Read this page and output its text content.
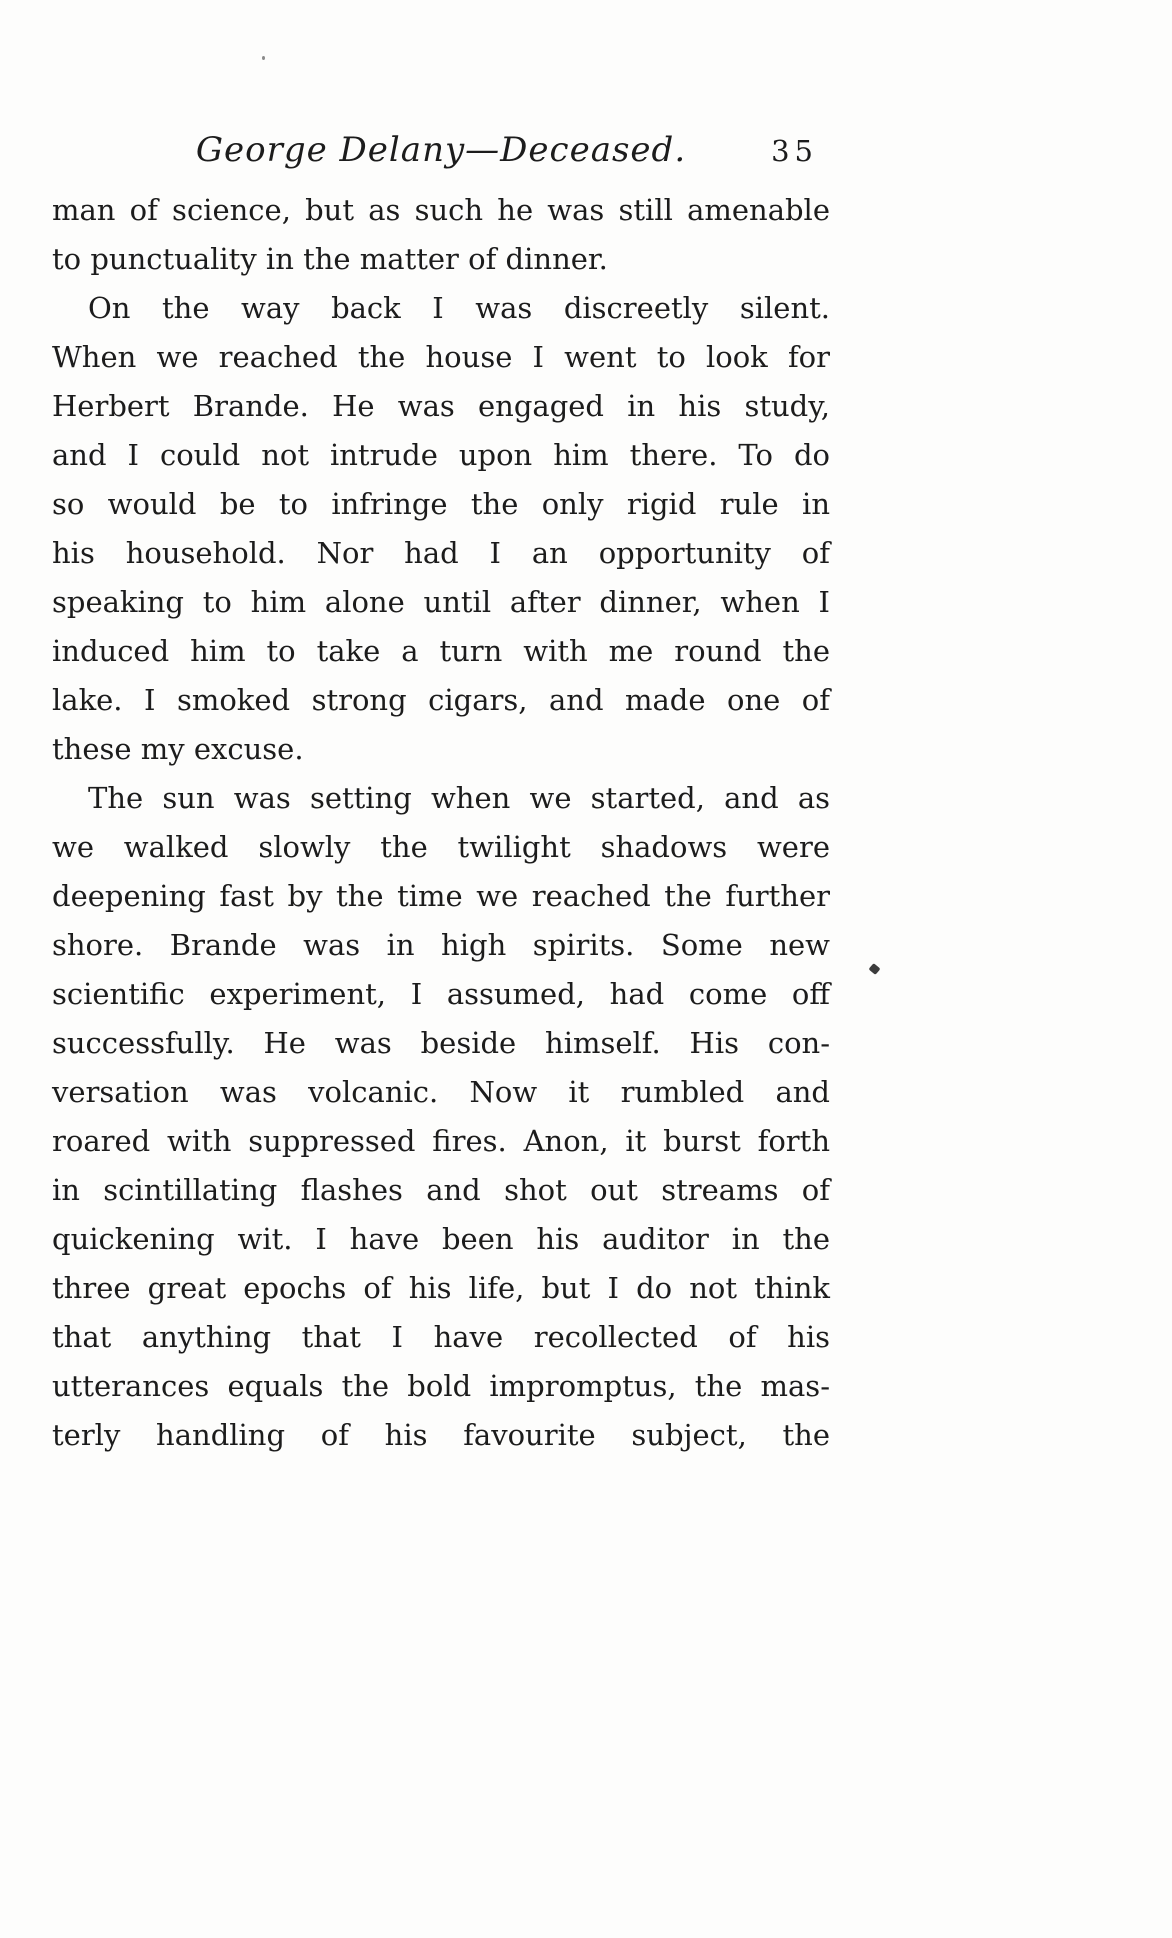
George Delany—Deceased.	35
man of science, but as such he was still amenable
to punctuality in the matter of dinner.
On the way back I was discreetly silent.
When we reached the house I went to look for
Herbert Brande. He was engaged in his study,
and I could not intrude upon him there. To do
so would be to infringe the only rigid rule in
his household. Nor had I an opportunity of
speaking to him alone until after dinner, when I
induced him to take a turn with me round the
lake. I smoked strong cigars, and made one of
these my excuse.
The sun was setting when we started, and as
we walked slowly the twilight shadows were
deepening fast by the time we reached the further
shore. Brande was in high spirits. Some new
scientific experiment, I assumed, had come off
successfully. He was beside himself. His con-
versation was volcanic. Now it rumbled and
roared with suppressed fires. Anon, it burst forth
in scintillating flashes and shot out streams of
quickening wit. I have been his auditor in the
three great epochs of his life, but I do not think
that anything that I have recollected of his
utterances equals the bold impromptus, the mas-
terly handling of his favourite subject, the
